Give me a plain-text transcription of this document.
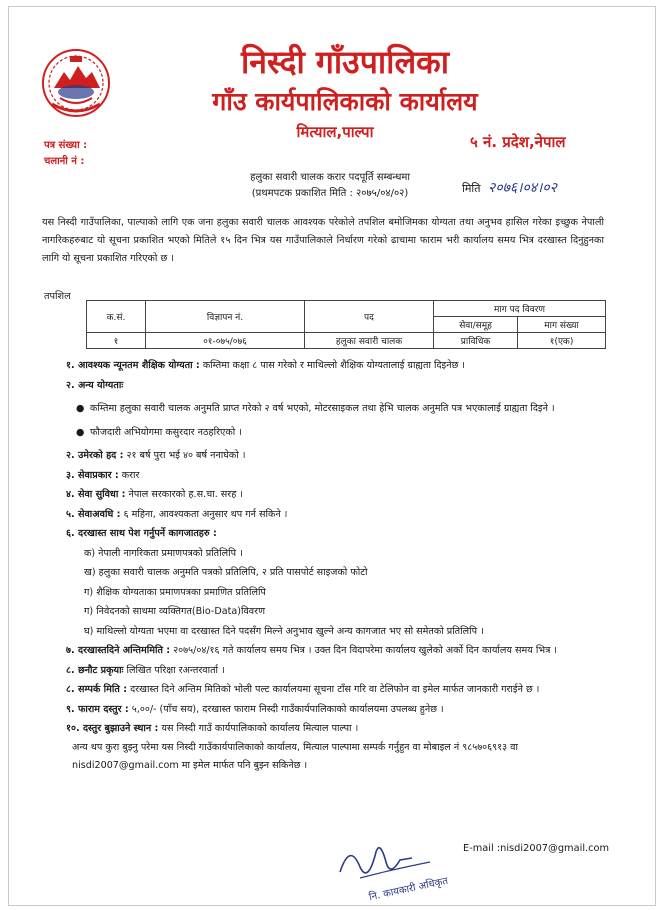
निस्दी गाँउपालिका
गाँउ कार्यपालिकाको कार्यालय
मित्याल,पाल्पा
५ नं. प्रदेश,नेपाल
पत्र संख्या :
चलानी नं :
हलुका सवारी चालक करार पदपूर्ति सम्बन्धमा
(प्रथमपटक प्रकाशित मिति : २०७५/०४/०२)	मिति २०७६।०४।०२
यस निस्दी गाउँपालिका, पाल्पाको लागि एक जना हलुका सवारी चालक आवश्यक परेकोले तपशिल बमोजिमका योग्यता तथा अनुभव हासिल गरेका इच्छुक नेपाली नागरिकहरुबाट यो सूचना प्रकाशित भएको मितिले १५ दिन भित्र यस गाउँपालिकाले निर्धारण गरेको ढाचामा फाराम भरी कार्यालय समय भित्र दरखास्त दिनुहुनका लागि यो सूचना प्रकाशित गरिएको छ ।
तपशिल
क.सं.	विज्ञापन नं.	पद	माग पद विवरण	
			सेवा/समूह	माग संख्या
१	०१-०७५/०७६	हलुका सवारी चालक	प्राविधिक	१(एक)
१. आवश्यक न्यूनतम शैक्षिक योग्यता : कम्तिमा कक्षा ८ पास गरेको र माथिल्लो शैक्षिक योग्यतालाई ग्राह्यता दिइनेछ ।
२. अन्य योग्यताः
● कम्तिमा हलुका सवारी चालक अनुमति प्राप्त गरेको २ वर्ष भएको, मोटरसाइकल तथा हेभि चालक अनुमति पत्र भएकालाई ग्राह्यता दिइने ।
● फौजदारी अभियोगमा कसुरदार नठहरिएको ।
२. उमेरको हद : २१ बर्ष पुरा भई ४० बर्ष ननाघेको ।
३. सेवाप्रकार : करार
४. सेवा सुविधा : नेपाल सरकारको ह.स.चा. सरह ।
५. सेवाअवधि : ६ महिना, आवश्यकता अनुसार थप गर्न सकिने ।
६. दरखास्त साथ पेश गर्नुपर्ने कागजातहरु :
क) नेपाली नागरिकता प्रमाणपत्रको प्रतिलिपि ।
ख) हलुका सवारी चालक अनुमति पत्रको प्रतिलिपि, २ प्रति पासपोर्ट साइजको फोटो
ग) शैक्षिक योग्यताका प्रमाणपत्रका प्रमाणित प्रतिलिपि
ग) निवेदनको साथमा व्यक्तिगत(Bio-Data)विवरण
घ) माथिल्लो योग्यता भएमा वा दरखास्त दिने पदसँग मिल्ने अनुभाव खुल्ने अन्य कागजात भए सो समेतको प्रतिलिपि ।
७. दरखास्तदिने अन्तिममिति : २०७५/०४/१६ गते कार्यालय समय भित्र । उक्त दिन विदापरेमा कार्यालय खुलेको अर्को दिन कार्यालय समय भित्र ।
८. छनौट प्रकृयाः लिखित परिक्षा रअन्तरवार्ता ।
८. सम्पर्क मिति : दरखास्त दिने अन्तिम मितिको भोली पल्ट कार्यालयमा सूचना टाँस गरि वा टेलिफोन वा इमेल मार्फत जानकारी गराईने छ ।
९. फाराम दस्तुर : ५,००/- (पाँच सय), दरखास्त फाराम निस्दी गाउँकार्यपालिकाको कार्यालयमा उपलब्ध हुनेछ ।
१०. दस्तुर बुझाउने स्थान : यस निस्दी गाउँ कार्यपालिकाको कार्यालय मित्याल पाल्पा ।
अन्य थप कुरा बुझ्नु परेमा यस निस्दी गाउँकार्यपालिकाको कार्यालय, मित्याल पाल्पामा सम्पर्क गर्नुहुन वा मोबाइल नं ९८५७०६९१३ वा nisdi2007@gmail.com मा इमेल मार्फत पनि बुझ्न सकिनेछ ।
नि. कायकारी अधिकृत
E-mail :nisdi2007@gmail.com
